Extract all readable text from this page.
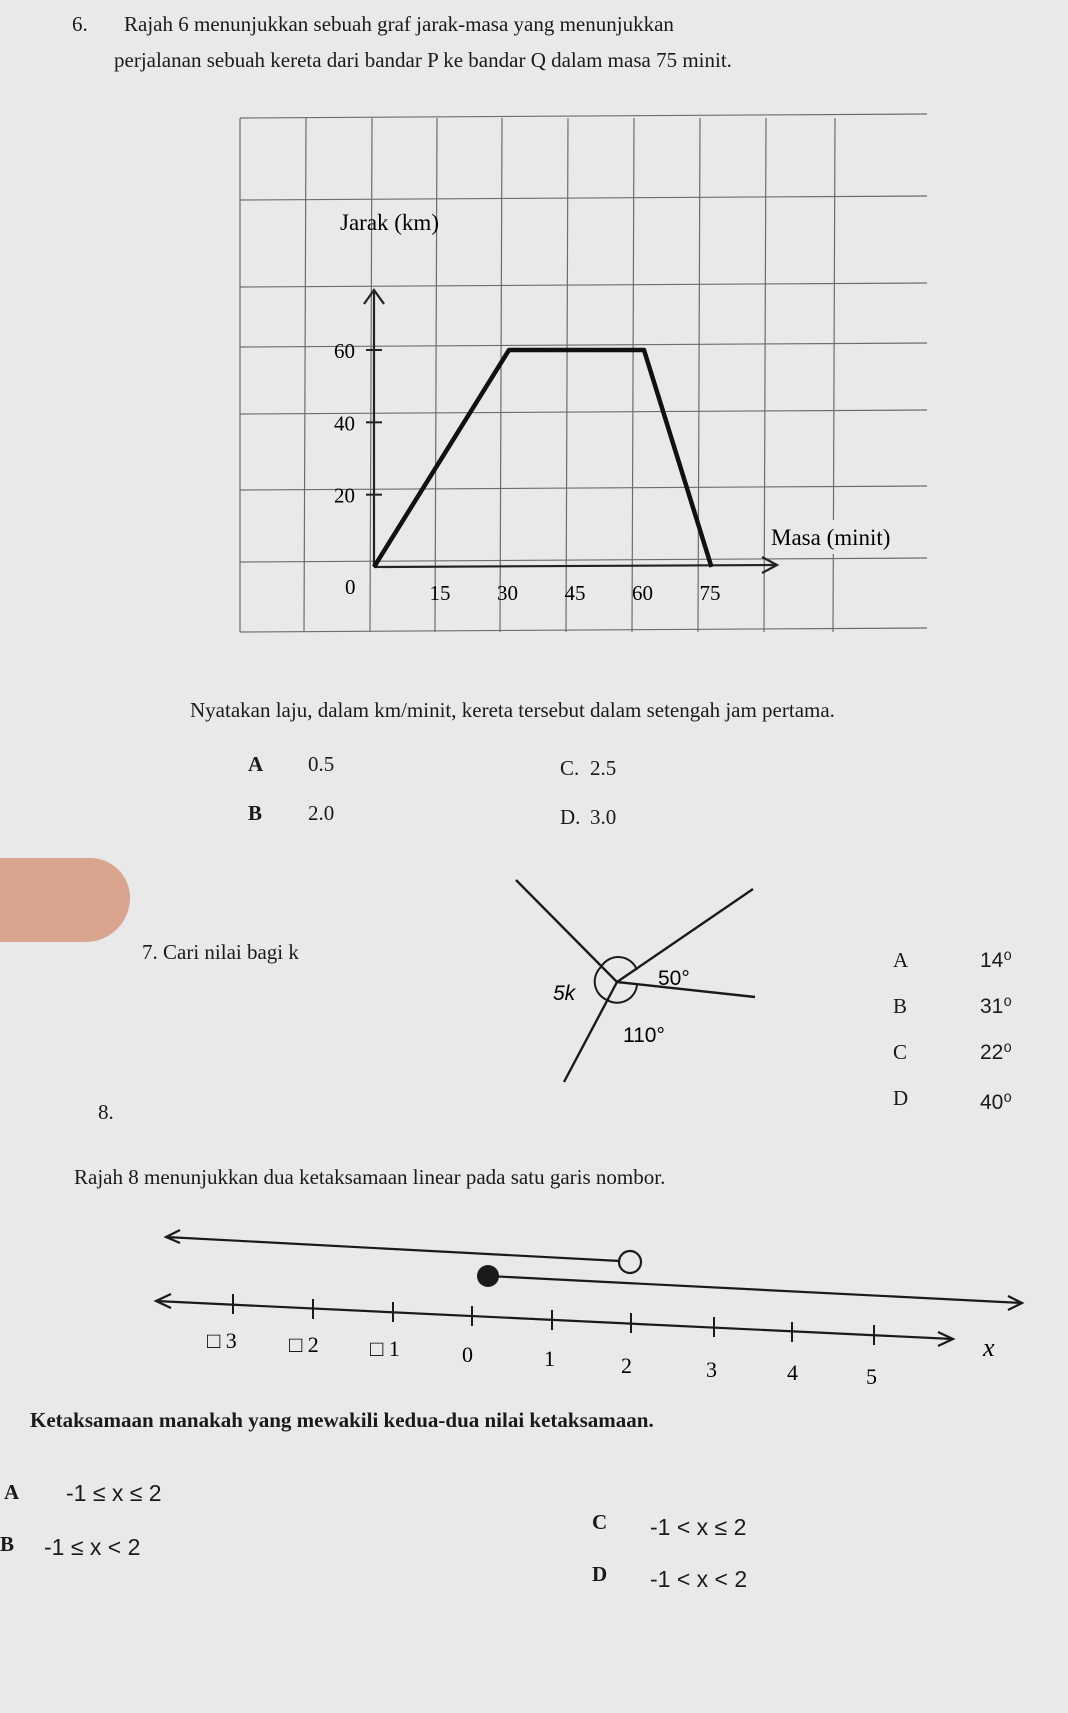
6. Rajah 6 menunjukkan sebuah graf jarak-masa yang menunjukkan
perjalanan sebuah kereta dari bandar P ke bandar Q dalam masa 75 minit.
0
20
40
60
15 30 45 60 75
Jarak (km)
Masa (minit)
Nyatakan laju, dalam km/minit, kereta tersebut dalam setengah jam pertama.
A 0.5
B 2.0
C. 2.5
D. 3.0
7. Cari nilai bagi k
50°
5k
110°
A	14⁰
B	31⁰
C	22⁰
D	40⁰
8.
Rajah 8 menunjukkan dua ketaksamaan linear pada satu garis nombor.
□ 3 □ 2 □ 1	0	1	2	3	4	5
x
Ketaksamaan manakah yang mewakili kedua-dua nilai ketaksamaan.
A -1 ≤ x ≤ 2
B -1 ≤ x < 2
C -1 < x ≤ 2
D -1 < x < 2
